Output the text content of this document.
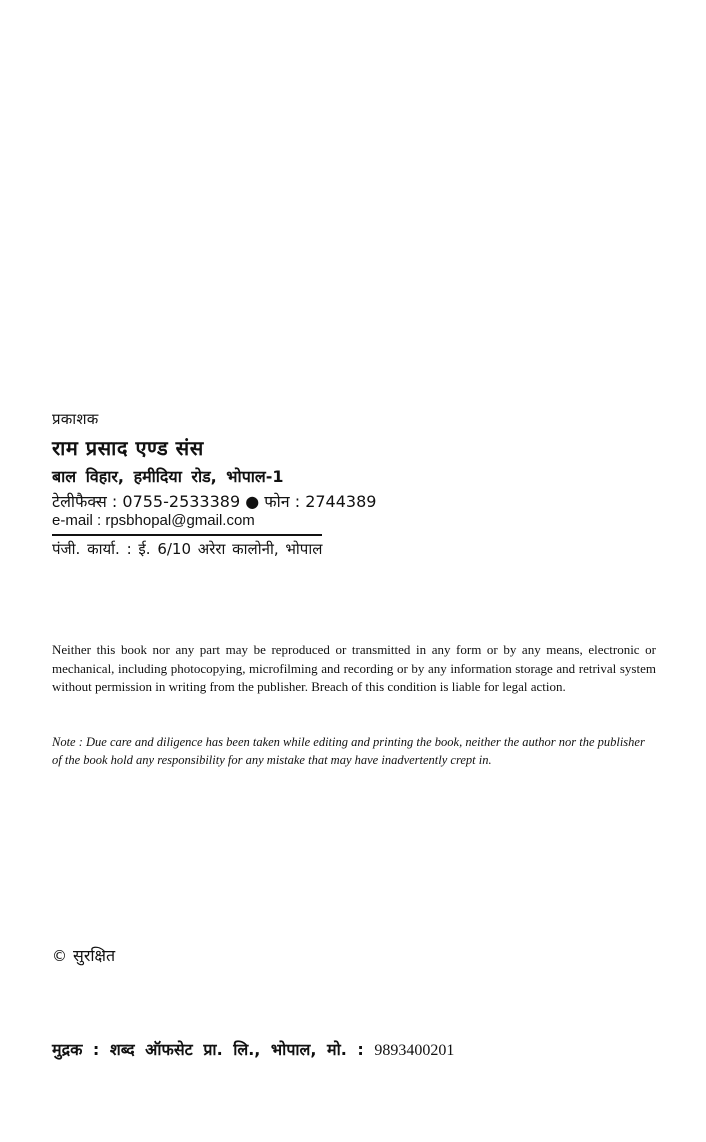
प्रकाशक
राम प्रसाद एण्ड संस
बाल विहार, हमीदिया रोड, भोपाल-1
टेलीफैक्स : 0755-2533389 ● फोन : 2744389
e-mail : rpsbhopal@gmail.com
पंजी. कार्या. : ई. 6/10 अरेरा कालोनी, भोपाल
Neither this book nor any part may be reproduced or transmitted in any form or by any means, electronic or mechanical, including photocopying, microfilming and recording or by any information storage and retrival system without permission in writing from the publisher. Breach of this condition is liable for legal action.
Note : Due care and diligence has been taken while editing and printing the book, neither the author nor the publisher of the book hold any responsibility for any mistake that may have inadvertently crept in.
© सुरक्षित
मुद्रक : शब्द ऑफसेट प्रा. लि., भोपाल, मो. : 9893400201
